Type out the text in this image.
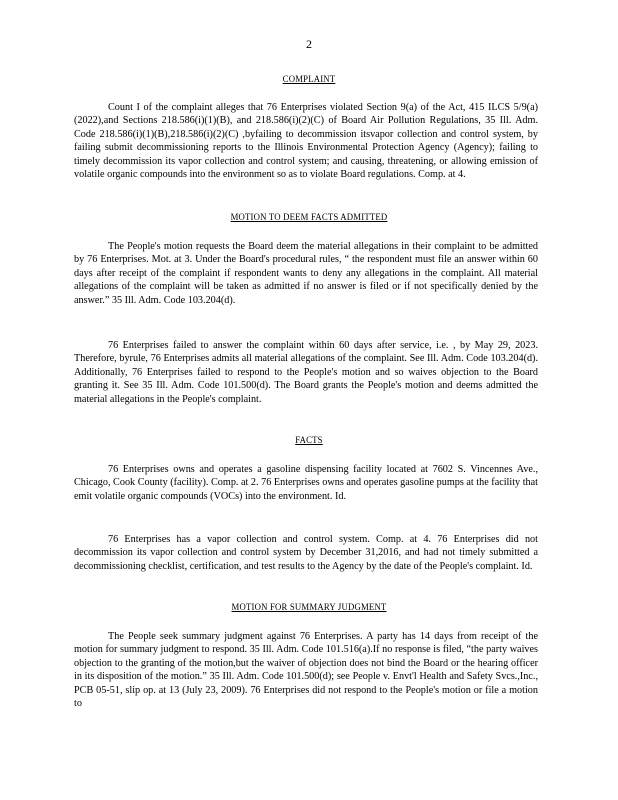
2
COMPLAINT

Count I of the complaint alleges that 76 Enterprises violated Section 9(a) of the Act, 415 ILCS 5/9(a) (2022),and Sections 218.586(i)(1)(B), and 218.586(i)(2)(C) of Board Air Pollution Regulations, 35 Ill. Adm. Code 218.586(i)(1)(B),218.586(i)(2)(C) ,byfailing to decommission itsvapor collection and control system, by failing submit decommissioning reports to the Illinois Environmental Protection Agency (Agency); failing to timely decommission its vapor collection and control system; and causing, threatening, or allowing emission of volatile organic compounds into the environment so as to violate Board regulations. Comp. at 4.

MOTION TO DEEM FACTS ADMITTED

The People's motion requests the Board deem the material allegations in their complaint to be admitted by 76 Enterprises. Mot. at 3. Under the Board's procedural rules, “ the respondent must file an answer within 60 days after receipt of the complaint if respondent wants to deny any allegations in the complaint. All material allegations of the complaint will be taken as admitted if no answer is filed or if not specifically denied by the answer.” 35 Ill. Adm. Code 103.204(d).

76 Enterprises failed to answer the complaint within 60 days after service, i.e. , by May 29, 2023. Therefore, byrule, 76 Enterprises admits all material allegations of the complaint. See Ill. Adm. Code 103.204(d). Additionally, 76 Enterprises failed to respond to the People's motion and so waives objection to the Board granting it. See 35 Ill. Adm. Code 101.500(d). The Board grants the People's motion and deems admitted the material allegations in the People's complaint.

FACTS

76 Enterprises owns and operates a gasoline dispensing facility located at 7602 S. Vincennes Ave., Chicago, Cook County (facility). Comp. at 2. 76 Enterprises owns and operates gasoline pumps at the facility that emit volatile organic compounds (VOCs) into the environment. Id.

76 Enterprises has a vapor collection and control system. Comp. at 4. 76 Enterprises did not decommission its vapor collection and control system by December 31,2016, and had not timely submitted a decommissioning checklist, certification, and test results to the Agency by the date of the People's complaint. Id.

MOTION FOR SUMMARY JUDGMENT

The People seek summary judgment against 76 Enterprises. A party has 14 days from receipt of the motion for summary judgment to respond. 35 Ill. Adm. Code 101.516(a).If no response is filed, “the party waives objection to the granting of the motion,but the waiver of objection does not bind the Board or the hearing officer in its disposition of the motion.” 35 Ill. Adm. Code 101.500(d); see People v. Envt'l Health and Safety Svcs.,Inc., PCB 05-51, slip op. at 13 (July 23, 2009). 76 Enterprises did not respond to the People's motion or file a motion to
